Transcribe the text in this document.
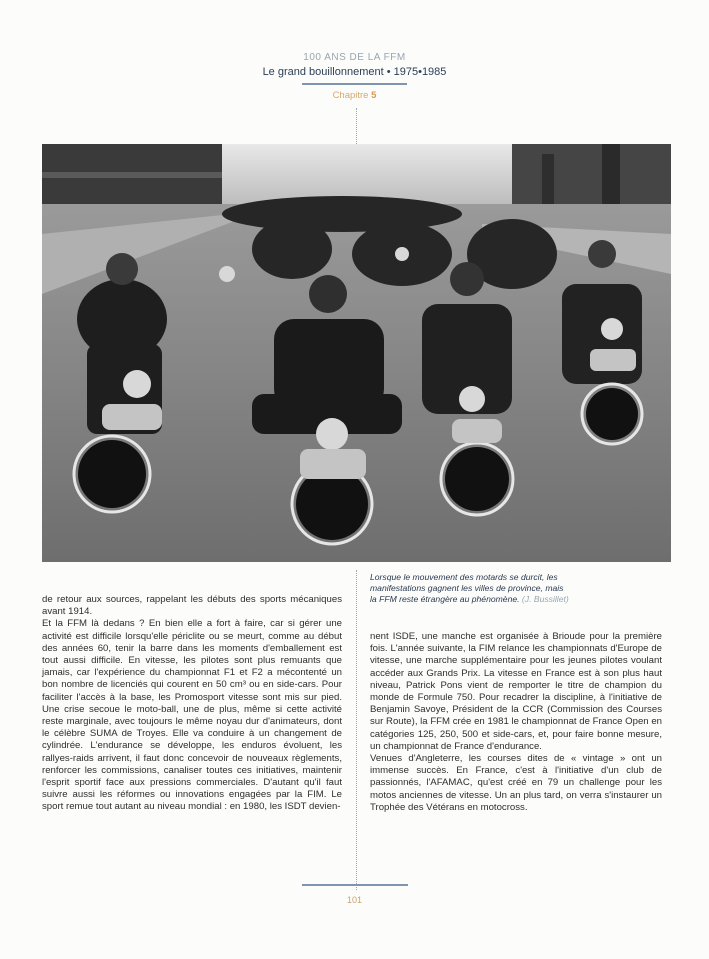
100 ANS DE LA FFM
Le grand bouillonnement • 1975•1985
Chapitre 5
Lorsque le mouvement des motards se durcit, les manifestations gagnent les villes de province, mais la FFM reste étrangère au phénomène. (J. Bussillet)

de retour aux sources, rappelant les débuts des sports mécaniques avant 1914.

Et la FFM là dedans ? En bien elle a fort à faire, car si gérer une activité est difficile lorsqu'elle périclite ou se meurt, comme au début des années 60, tenir la barre dans les moments d'emballement est tout aussi difficile. En vitesse, les pilotes sont plus remuants que jamais, car l'expérience du championnat F1 et F2 a mécontenté un bon nombre de licenciés qui courent en 50 cm³ ou en side-cars. Pour faciliter l'accès à la base, les Promosport vitesse sont mis sur pied. Une crise secoue le moto-ball, une de plus, même si cette activité reste marginale, avec toujours le même noyau dur d'animateurs, dont le célèbre SUMA de Troyes. Elle va conduire à un changement de cylindrée. L'endurance se développe, les enduros évoluent, les rallyes-raids arrivent, il faut donc concevoir de nouveaux règlements, renforcer les commissions, canaliser toutes ces initiatives, maintenir l'esprit sportif face aux pressions commerciales. D'autant qu'il faut suivre aussi les réformes ou innovations engagées par la FIM. Le sport remue tout autant au niveau mondial : en 1980, les ISDT devien-

nent ISDE, une manche est organisée à Brioude pour la première fois. L'année suivante, la FIM relance les championnats d'Europe de vitesse, une marche supplémentaire pour les jeunes pilotes voulant accéder aux Grands Prix. La vitesse en France est à son plus haut niveau, Patrick Pons vient de remporter le titre de champion du monde de Formule 750. Pour recadrer la discipline, à l'initiative de Benjamin Savoye, Président de la CCR (Commission des Courses sur Route), la FFM crée en 1981 le championnat de France Open en catégories 125, 250, 500 et side-cars, et, pour faire bonne mesure, un championnat de France d'endurance.

Venues d'Angleterre, les courses dites de « vintage » ont un immense succès. En France, c'est à l'initiative d'un club de passionnés, l'AFAMAC, qu'est créé en 79 un challenge pour les motos anciennes de vitesse. Un an plus tard, on verra s'instaurer un Trophée des Vétérans en motocross.

101
